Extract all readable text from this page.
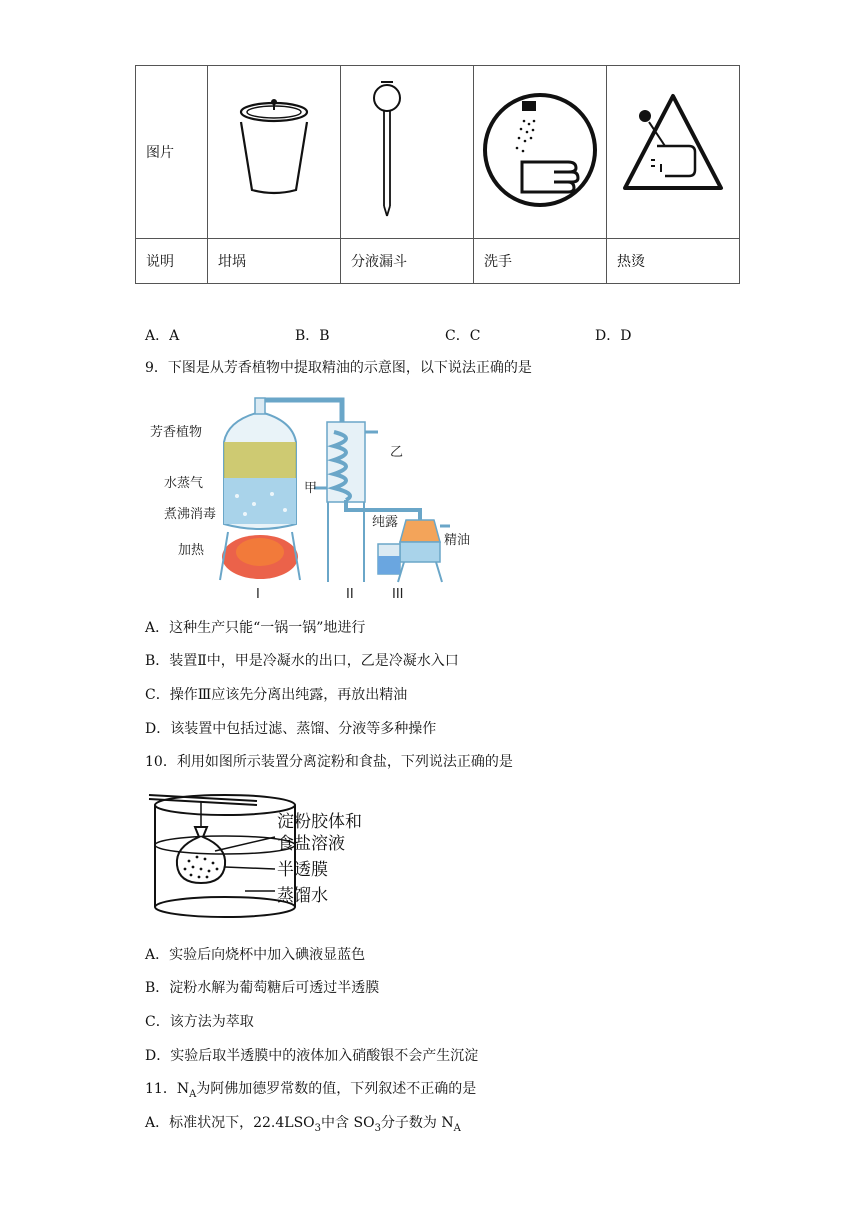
图片				
说明	坩埚	分液漏斗	洗手	热烫
A．A	B．B	C．C	D．D
9．下图是从芳香植物中提取精油的示意图，以下说法正确的是
芳香植物
水蒸气
煮沸消毒
加热
甲
乙
纯露
精油
I	II	III
A．这种生产只能“一锅一锅”地进行
B．装置Ⅱ中，甲是冷凝水的出口，乙是冷凝水入口
C．操作Ⅲ应该先分离出纯露，再放出精油
D．该装置中包括过滤、蒸馏、分液等多种操作
10．利用如图所示装置分离淀粉和食盐，下列说法正确的是
淀粉胶体和
食盐溶液
半透膜
蒸馏水
A．实验后向烧杯中加入碘液显蓝色
B．淀粉水解为葡萄糖后可透过半透膜
C．该方法为萃取
D．实验后取半透膜中的液体加入硝酸银不会产生沉淀
11．$N_A$为阿佛加德罗常数的值，下列叙述不正确的是
A．标准状况下，$22.4LSO_3$中含 $SO_3$分子数为 $N_A$
